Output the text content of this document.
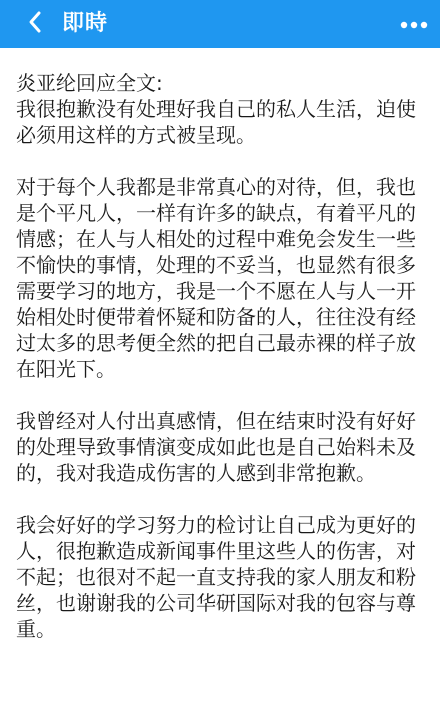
即時

炎亚纶回应全文:

我很抱歉没有处理好我自己的私人生活，迫使必须用这样的方式被呈现。

对于每个人我都是非常真心的对待，但，我也是个平凡人，一样有许多的缺点，有着平凡的情感；在人与人相处的过程中难免会发生一些不愉快的事情，处理的不妥当，也显然有很多需要学习的地方，我是一个不愿在人与人一开始相处时便带着怀疑和防备的人，往往没有经过太多的思考便全然的把自己最赤裸的样子放在阳光下。

我曾经对人付出真感情，但在结束时没有好好的处理导致事情演变成如此也是自己始料未及的，我对我造成伤害的人感到非常抱歉。

我会好好的学习努力的检讨让自己成为更好的人，很抱歉造成新闻事件里这些人的伤害，对不起；也很对不起一直支持我的家人朋友和粉丝，也谢谢我的公司华研国际对我的包容与尊重。
